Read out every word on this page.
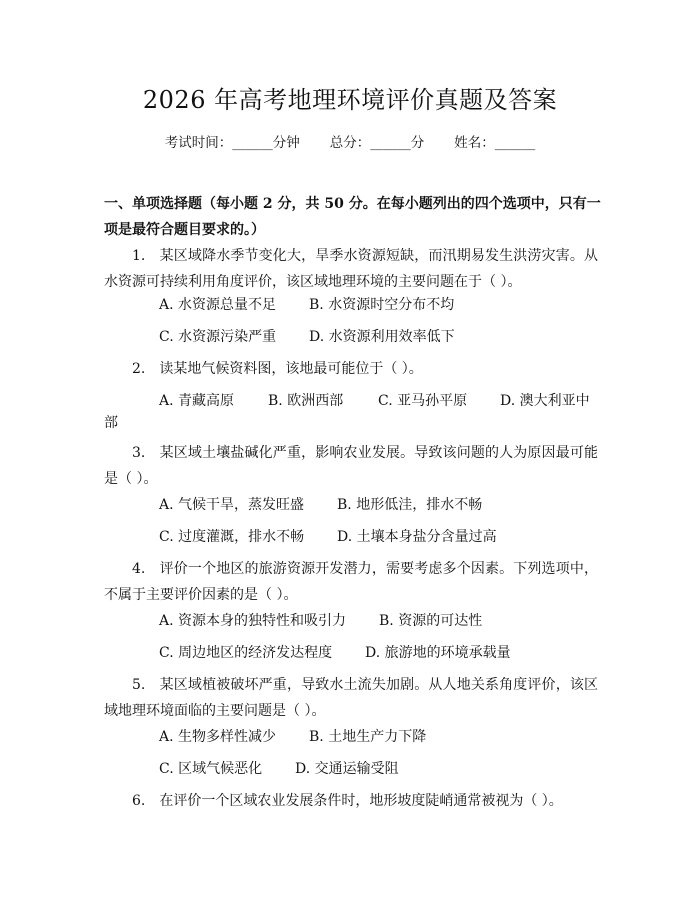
2026 年高考地理环境评价真题及答案
考试时间：______分钟 总分：______分 姓名：______
一、单项选择题（每小题 2 分，共 50 分。在每小题列出的四个选项中，只有一项是最符合题目要求的。）
1.　某区域降水季节变化大，旱季水资源短缺，而汛期易发生洪涝灾害。从水资源可持续利用角度评价，该区域地理环境的主要问题在于（ ）。
A. 水资源总量不足 B. 水资源时空分布不均
C. 水资源污染严重 D. 水资源利用效率低下
2.　读某地气候资料图，该地最可能位于（ ）。
A. 青藏高原 B. 欧洲西部 C. 亚马孙平原 D. 澳大利亚中
部
3.　某区域土壤盐碱化严重，影响农业发展。导致该问题的人为原因最可能是（ ）。
A. 气候干旱，蒸发旺盛 B. 地形低洼，排水不畅
C. 过度灌溉，排水不畅 D. 土壤本身盐分含量过高
4.　评价一个地区的旅游资源开发潜力，需要考虑多个因素。下列选项中，不属于主要评价因素的是（ ）。
A. 资源本身的独特性和吸引力 B. 资源的可达性
C. 周边地区的经济发达程度 D. 旅游地的环境承载量
5.　某区域植被破坏严重，导致水土流失加剧。从人地关系角度评价，该区域地理环境面临的主要问题是（ ）。
A. 生物多样性减少 B. 土地生产力下降
C. 区域气候恶化 D. 交通运输受阻
6.　在评价一个区域农业发展条件时，地形坡度陡峭通常被视为（ ）。
